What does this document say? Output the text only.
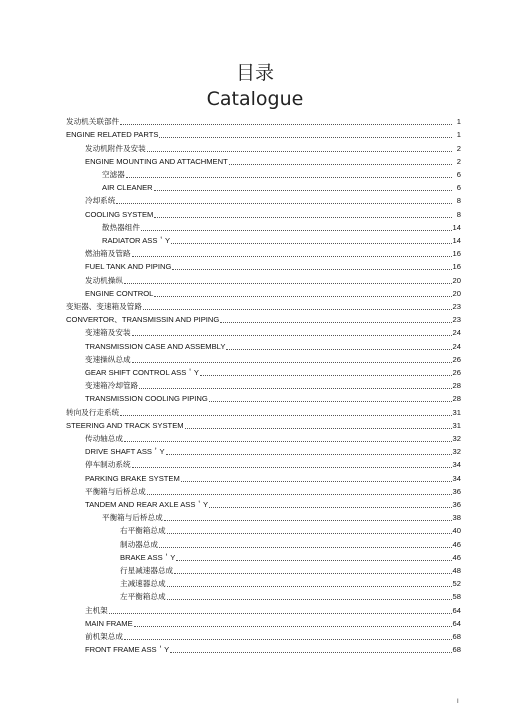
目录
Catalogue
发动机关联部件	1
ENGINE RELATED PARTS	1
发动机附件及安装	2
ENGINE MOUNTING AND ATTACHMENT	2
空滤器	6
AIR CLEANER	6
冷却系统	8
COOLING SYSTEM	8
散热器组件	14
RADIATOR ASS＇Y	14
燃油箱及管路	16
FUEL TANK AND PIPING	16
发动机操纵	20
ENGINE CONTROL	20
变矩器、变速箱及管路	23
CONVERTOR、TRANSMISSIN AND PIPING	23
变速箱及安装	24
TRANSMISSION CASE AND ASSEMBLY	24
变速操纵总成	26
GEAR SHIFT CONTROL ASS＇Y	26
变速箱冷却管路	28
TRANSMISSION COOLING PIPING	28
转向及行走系统	31
STEERING AND TRACK SYSTEM	31
传动轴总成	32
DRIVE SHAFT ASS＇Y	32
停车制动系统	34
PARKING BRAKE SYSTEM	34
平衡箱与后桥总成	36
TANDEM AND REAR AXLE ASS＇Y	36
平衡箱与后桥总成	38
右平衡箱总成	40
制动器总成	46
BRAKE ASS＇Y	46
行星减速器总成	48
主减速器总成	52
左平衡箱总成	58
主机架	64
MAIN FRAME	64
前机架总成	68
FRONT FRAME ASS＇Y	68
I
